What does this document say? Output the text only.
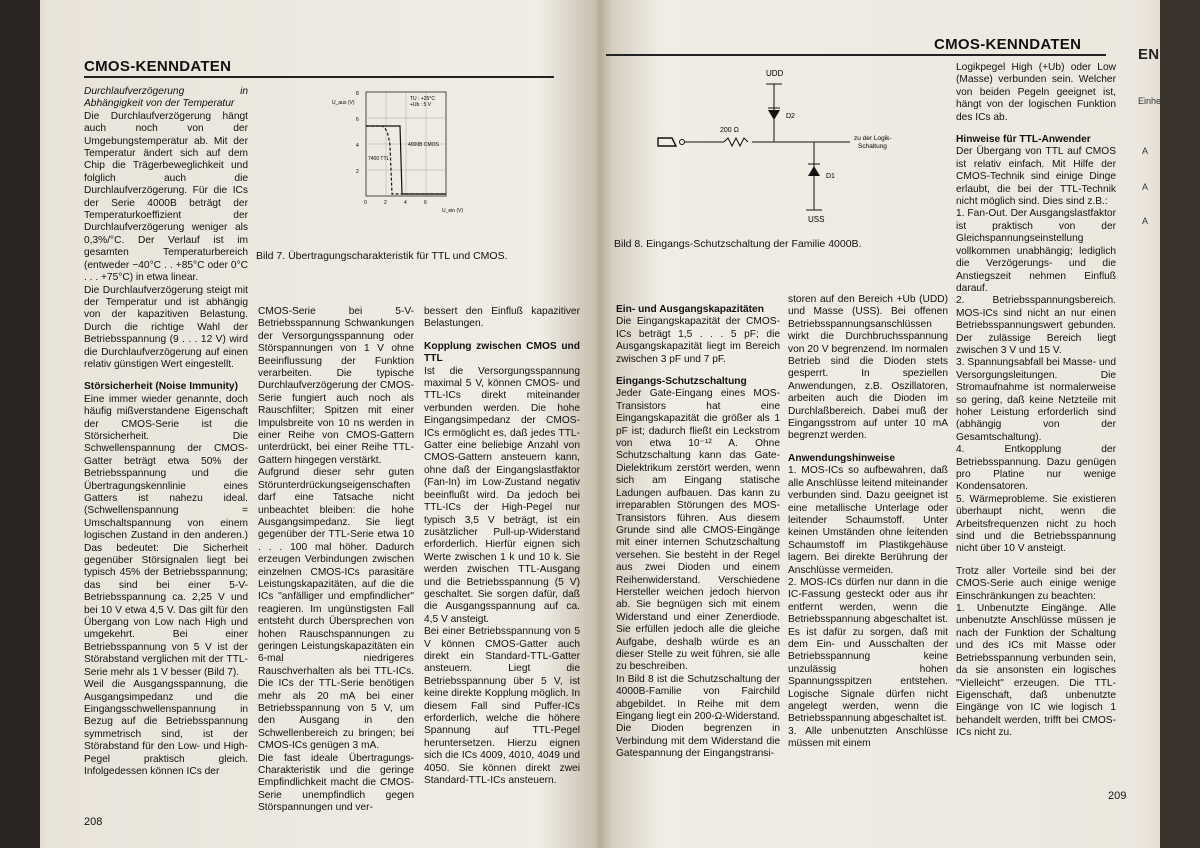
CMOS-KENNDATEN

Durchlaufverzögerung in Abhängigkeit von der Temperatur

Die Durchlaufverzögerung hängt auch noch von der Umgebungstemperatur ab. Mit der Temperatur ändert sich auf dem Chip die Trägerbeweglichkeit und folglich auch die Durchlaufverzögerung. Für die ICs der Serie 4000B beträgt der Temperaturkoeffizient der Durchlaufverzögerung weniger als 0,3%/°C. Der Verlauf ist im gesamten Temperaturbereich (entweder −40°C . . +85°C oder 0°C . . . +75°C) in etwa linear.

Die Durchlaufverzögerung steigt mit der Temperatur und ist abhängig von der kapazitiven Belastung. Durch die richtige Wahl der Betriebsspannung (9 . . . 12 V) wird die Durchlaufverzögerung auf einen relativ günstigen Wert eingestellt.

Störsicherheit (Noise Immunity)

Eine immer wieder genannte, doch häufig mißverstandene Eigenschaft der CMOS-Serie ist die Störsicherheit. Die Schwellenspannung der CMOS-Gatter beträgt etwa 50% der Betriebsspannung und die Übertragungskennlinie eines Gatters ist nahezu ideal. (Schwellenspannung = Umschaltspannung von einem logischen Zustand in den anderen.) Das bedeutet: Die Sicherheit gegenüber Störsignalen liegt bei typisch 45% der Betriebsspannung; das sind bei einer 5-V-Betriebsspannung ca. 2,25 V und bei 10 V etwa 4,5 V. Das gilt für den Übergang von Low nach High und umgekehrt. Bei einer Betriebsspannung von 5 V ist der Störabstand verglichen mit der TTL-Serie mehr als 1 V besser (Bild 7).

Weil die Ausgangsspannung, die Ausgangsimpedanz und die Eingangsschwellenspannung in Bezug auf die Betriebsspannung symmetrisch sind, ist der Störabstand für den Low- und High-Pegel praktisch gleich. Infolgedessen können ICs der

CMOS-Serie bei 5-V-Betriebsspannung Schwankungen der Versorgungsspannung oder Störspannungen von 1 V ohne Beeinflussung der Funktion verarbeiten. Die typische Durchlaufverzögerung der CMOS-Serie fungiert auch noch als Rauschfilter; Spitzen mit einer Impulsbreite von 10 ns werden in einer Reihe von CMOS-Gattern unterdrückt, bei einer Reihe TTL-Gattern hingegen verstärkt.

Aufgrund dieser sehr guten Störunterdrückungseigenschaften darf eine Tatsache nicht unbeachtet bleiben: die hohe Ausgangsimpedanz. Sie liegt gegenüber der TTL-Serie etwa 10 . . . 100 mal höher. Dadurch erzeugen Verbindungen zwischen einzelnen CMOS-ICs parasitäre Leistungskapazitäten, auf die die ICs "anfälliger und empfindlicher" reagieren. Im ungünstigsten Fall entsteht durch Übersprechen von hohen Rauschspannungen zu geringen Leistungskapazitäten ein 6-mal niedrigeres Rauschverhalten als bei TTL-ICs. Die ICs der TTL-Serie benötigen mehr als 20 mA bei einer Betriebsspannung von 5 V, um den Ausgang in den Schwellenbereich zu bringen; bei CMOS-ICs genügen 3 mA.

Die fast ideale Übertragungs-Charakteristik und die geringe Empfindlichkeit macht die CMOS-Serie unempfindlich gegen Störspannungen und ver-

bessert den Einfluß kapazitiver Belastungen.

Kopplung zwischen CMOS und TTL

Ist die Versorgungsspannung maximal 5 V, können CMOS- und TTL-ICs direkt miteinander verbunden werden. Die hohe Eingangsimpedanz der CMOS-ICs ermöglicht es, daß jedes TTL-Gatter eine beliebige Anzahl von CMOS-Gattern ansteuern kann, ohne daß der Eingangslastfaktor (Fan-In) im Low-Zustand negativ beeinflußt wird. Da jedoch bei TTL-ICs der High-Pegel nur typisch 3,5 V beträgt, ist ein zusätzlicher Pull-up-Widerstand erforderlich. Hierfür eignen sich Werte zwischen 1 k und 10 k. Sie werden zwischen TTL-Ausgang und die Betriebsspannung (5 V) geschaltet. Sie sorgen dafür, daß die Ausgangsspannung auf ca. 4,5 V ansteigt.

Bei einer Betriebsspannung von 5 V können CMOS-Gatter auch direkt ein Standard-TTL-Gatter ansteuern. Liegt die Betriebsspannung über 5 V, ist keine direkte Kopplung möglich. In diesem Fall sind Puffer-ICs erforderlich, welche die höhere Spannung auf TTL-Pegel heruntersetzen. Hierzu eignen sich die ICs 4009, 4010, 4049 und 4050. Sie können direkt zwei Standard-TTL-ICs ansteuern.

U_aus (V)
TU : +25°C
+Ub : 5 V
7400 TTL
4000B CMOS
8
6
4
2
0	2	4	6
U_ein (V)
Bild 7. Übertragungscharakteristik für TTL und CMOS.
208
CMOS-KENNDATEN
EN
UDD
USS
D2
D1
200 Ω
zu der Logik-
Schaltung
Bild 8. Eingangs-Schutzschaltung der Familie 4000B.

Ein- und Ausgangskapazitäten

Die Eingangskapazität der CMOS-ICs beträgt 1,5 . . . 5 pF; die Ausgangskapazität liegt im Bereich zwischen 3 pF und 7 pF.

Eingangs-Schutzschaltung

Jeder Gate-Eingang eines MOS-Transistors hat eine Eingangskapazität die größer als 1 pF ist; dadurch fließt ein Leckstrom von etwa 10⁻¹² A. Ohne Schutzschaltung kann das Gate-Dielektrikum zerstört werden, wenn sich am Eingang statische Ladungen aufbauen. Das kann zu irreparablen Störungen des MOS-Transistors führen. Aus diesem Grunde sind alle CMOS-Eingänge mit einer internen Schutzschaltung versehen. Sie besteht in der Regel aus zwei Dioden und einem Reihenwiderstand. Verschiedene Hersteller weichen jedoch hiervon ab. Sie begnügen sich mit einem Widerstand und einer Zenerdiode. Sie erfüllen jedoch alle die gleiche Aufgabe, deshalb würde es an dieser Stelle zu weit führen, sie alle zu beschreiben.

In Bild 8 ist die Schutzschaltung der 4000B-Familie von Fairchild abgebildet. In Reihe mit dem Eingang liegt ein 200-Ω-Widerstand. Die Dioden begrenzen in Verbindung mit dem Widerstand die Gatespannung der Eingangstransi-

storen auf den Bereich +Ub (UDD) und Masse (USS). Bei offenen Betriebsspannungsanschlüssen wirkt die Durchbruchsspannung von 20 V begrenzend. Im normalen Betrieb sind die Dioden stets gesperrt. In speziellen Anwendungen, z.B. Oszillatoren, arbeiten auch die Dioden im Durchlaßbereich. Dabei muß der Eingangsstrom auf unter 10 mA begrenzt werden.

Anwendungshinweise

1. MOS-ICs so aufbewahren, daß alle Anschlüsse leitend miteinander verbunden sind. Dazu geeignet ist eine metallische Unterlage oder leitender Schaumstoff. Unter keinen Umständen ohne leitenden Schaumstoff im Plastikgehäuse lagern. Bei direkte Berührung der Anschlüsse vermeiden.

2. MOS-ICs dürfen nur dann in die IC-Fassung gesteckt oder aus ihr entfernt werden, wenn die Betriebsspannung abgeschaltet ist. Es ist dafür zu sorgen, daß mit dem Ein- und Ausschalten der Betriebsspannung keine unzulässig hohen Spannungsspitzen entstehen. Logische Signale dürfen nicht angelegt werden, wenn die Betriebsspannung abgeschaltet ist.

3. Alle unbenutzten Anschlüsse müssen mit einem

Logikpegel High (+Ub) oder Low (Masse) verbunden sein. Welcher von beiden Pegeln geeignet ist, hängt von der logischen Funktion des ICs ab.

Hinweise für TTL-Anwender

Der Übergang von TTL auf CMOS ist relativ einfach. Mit Hilfe der CMOS-Technik sind einige Dinge erlaubt, die bei der TTL-Technik nicht möglich sind. Dies sind z.B.:

1. Fan-Out. Der Ausgangslastfaktor ist praktisch von der Gleichspannungseinstellung vollkommen unabhängig; lediglich die Verzögerungs- und die Anstiegszeit nehmen Einfluß darauf.

2. Betriebsspannungsbereich. MOS-ICs sind nicht an nur einen Betriebsspannungswert gebunden. Der zulässige Bereich liegt zwischen 3 V und 15 V.

3. Spannungsabfall bei Masse- und Versorgungsleitungen. Die Stromaufnahme ist normalerweise so gering, daß keine Netzteile mit hoher Leistung erforderlich sind (abhängig von der Gesamtschaltung).

4. Entkopplung der Betriebsspannung. Dazu genügen pro Platine nur wenige Kondensatoren.

5. Wärmeprobleme. Sie existieren überhaupt nicht, wenn die Arbeitsfrequenzen nicht zu hoch sind und die Betriebsspannung nicht über 10 V ansteigt.

Trotz aller Vorteile sind bei der CMOS-Serie auch einige wenige Einschränkungen zu beachten:

1. Unbenutzte Eingänge. Alle unbenutzte Anschlüsse müssen je nach der Funktion der Schaltung und des ICs mit Masse oder Betriebsspannung verbunden sein, da sie ansonsten ein logisches "Vielleicht" erzeugen. Die TTL-Eigenschaft, daß unbenutzte Eingänge von IC wie logisch 1 behandelt werden, trifft bei CMOS-ICs nicht zu.

Einheit
A
A
A
209
